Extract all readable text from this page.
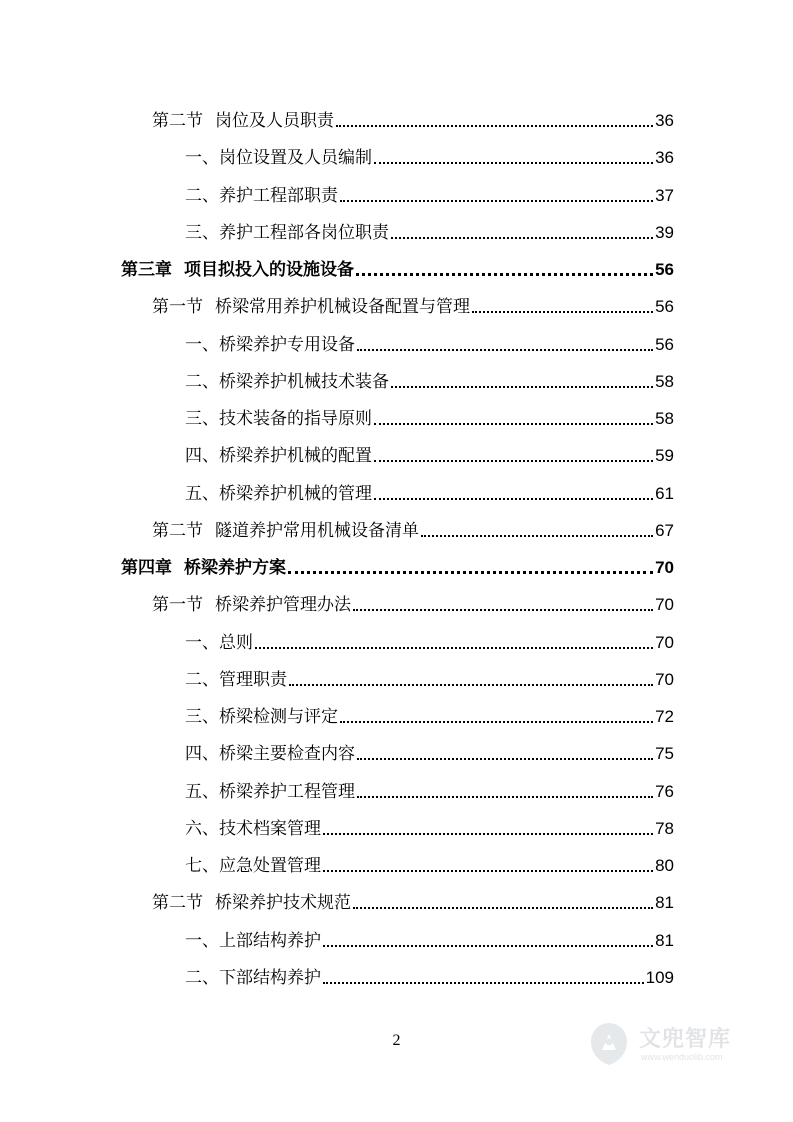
第二节 岗位及人员职责	36
一、岗位设置及人员编制	36
二、养护工程部职责	37
三、养护工程部各岗位职责	39
第三章 项目拟投入的设施设备	56
第一节 桥梁常用养护机械设备配置与管理	56
一、桥梁养护专用设备	56
二、桥梁养护机械技术装备	58
三、技术装备的指导原则	58
四、桥梁养护机械的配置	59
五、桥梁养护机械的管理	61
第二节 隧道养护常用机械设备清单	67
第四章 桥梁养护方案	70
第一节 桥梁养护管理办法	70
一、总则	70
二、管理职责	70
三、桥梁检测与评定	72
四、桥梁主要检查内容	75
五、桥梁养护工程管理	76
六、技术档案管理	78
七、应急处置管理	80
第二节 桥梁养护技术规范	81
一、上部结构养护	81
二、下部结构养护	109
2	文兜智库
www.wenduolib.com
